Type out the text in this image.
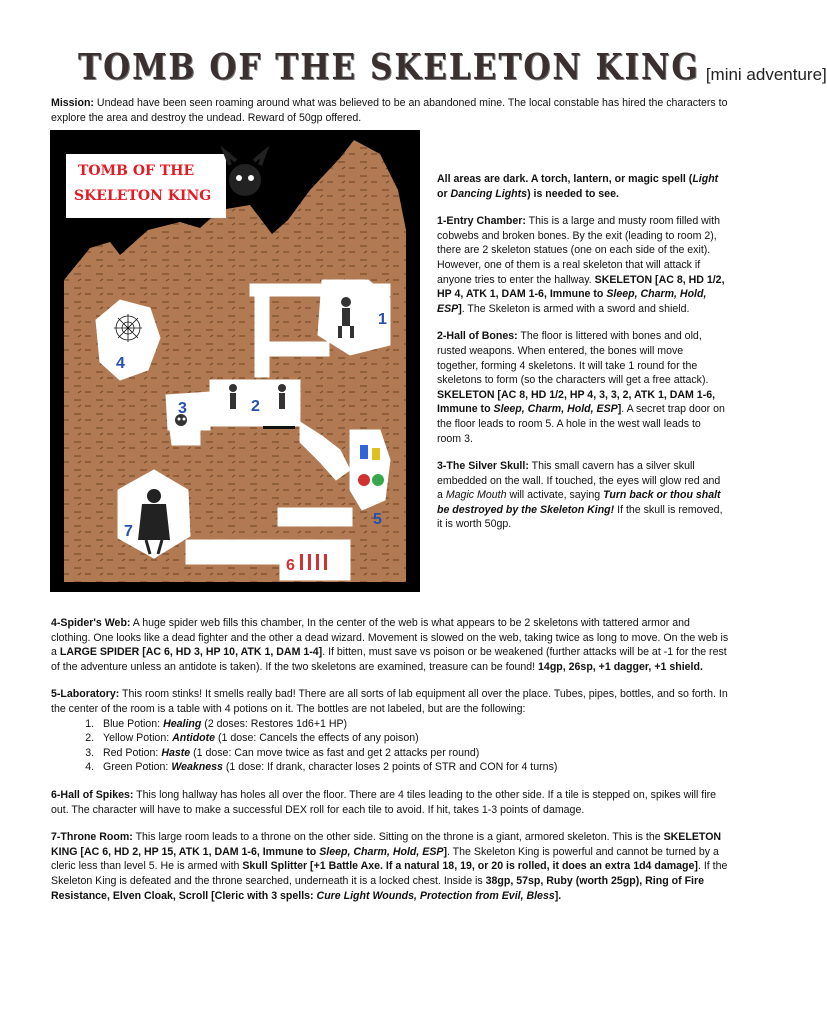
TOMB OF THE SKELETON KING [mini adventure]
Mission: Undead have been seen roaming around what was believed to be an abandoned mine. The local constable has hired the characters to explore the area and destroy the undead. Reward of 50gp offered.
TOMB OF THE
SKELETON KING
1
2
3
4
5
7
6

All areas are dark. A torch, lantern, or magic spell (Light or Dancing Lights) is needed to see.

1-Entry Chamber: This is a large and musty room filled with cobwebs and broken bones. By the exit (leading to room 2), there are 2 skeleton statues (one on each side of the exit). However, one of them is a real skeleton that will attack if anyone tries to enter the hallway. SKELETON [AC 8, HD 1/2, HP 4, ATK 1, DAM 1-6, Immune to Sleep, Charm, Hold, ESP]. The Skeleton is armed with a sword and shield.

2-Hall of Bones: The floor is littered with bones and old, rusted weapons. When entered, the bones will move together, forming 4 skeletons. It will take 1 round for the skeletons to form (so the characters will get a free attack). SKELETON [AC 8, HD 1/2, HP 4, 3, 3, 2, ATK 1, DAM 1-6, Immune to Sleep, Charm, Hold, ESP]. A secret trap door on the floor leads to room 5. A hole in the west wall leads to room 3.

3-The Silver Skull: This small cavern has a silver skull embedded on the wall. If touched, the eyes will glow red and a Magic Mouth will activate, saying Turn back or thou shalt be destroyed by the Skeleton King! If the skull is removed, it is worth 50gp.

4-Spider's Web: A huge spider web fills this chamber, In the center of the web is what appears to be 2 skeletons with tattered armor and clothing. One looks like a dead fighter and the other a dead wizard. Movement is slowed on the web, taking twice as long to move. On the web is a LARGE SPIDER [AC 6, HD 3, HP 10, ATK 1, DAM 1-4]. If bitten, must save vs poison or be weakened (further attacks will be at -1 for the rest of the adventure unless an antidote is taken). If the two skeletons are examined, treasure can be found! 14gp, 26sp, +1 dagger, +1 shield.

5-Laboratory: This room stinks! It smells really bad! There are all sorts of lab equipment all over the place. Tubes, pipes, bottles, and so forth. In the center of the room is a table with 4 potions on it. The bottles are not labeled, but are the following:

1. Blue Potion: Healing (2 doses: Restores 1d6+1 HP)
2. Yellow Potion: Antidote (1 dose: Cancels the effects of any poison)
3. Red Potion: Haste (1 dose: Can move twice as fast and get 2 attacks per round)
4. Green Potion: Weakness (1 dose: If drank, character loses 2 points of STR and CON for 4 turns)

6-Hall of Spikes: This long hallway has holes all over the floor. There are 4 tiles leading to the other side. If a tile is stepped on, spikes will fire out. The character will have to make a successful DEX roll for each tile to avoid. If hit, takes 1-3 points of damage.

7-Throne Room: This large room leads to a throne on the other side. Sitting on the throne is a giant, armored skeleton. This is the SKELETON KING [AC 6, HD 2, HP 15, ATK 1, DAM 1-6, Immune to Sleep, Charm, Hold, ESP]. The Skeleton King is powerful and cannot be turned by a cleric less than level 5. He is armed with Skull Splitter [+1 Battle Axe. If a natural 18, 19, or 20 is rolled, it does an extra 1d4 damage]. If the Skeleton King is defeated and the throne searched, underneath it is a locked chest. Inside is 38gp, 57sp, Ruby (worth 25gp), Ring of Fire Resistance, Elven Cloak, Scroll [Cleric with 3 spells: Cure Light Wounds, Protection from Evil, Bless].
